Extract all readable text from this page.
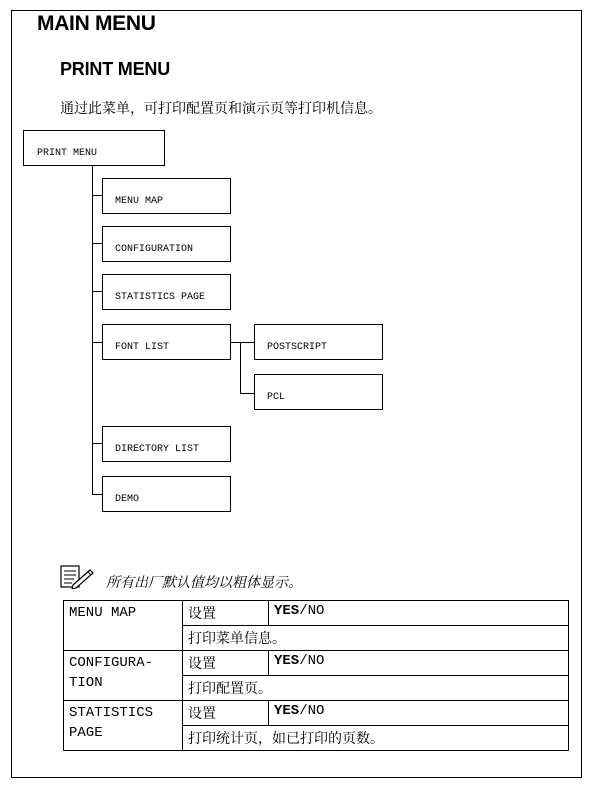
MAIN MENU
PRINT MENU
通过此菜单，可打印配置页和演示页等打印机信息。
PRINT MENU
MENU MAP
CONFIGURATION
STATISTICS PAGE
FONT LIST	POSTSCRIPT
PCL
DIRECTORY LIST
DEMO
所有出厂默认值均以粗体显示。
MENU MAP	设置	YES/NO
	打印菜单信息。	
CONFIGURA-
TION	设置	YES/NO
	打印配置页。	
STATISTICS
PAGE	设置	YES/NO
	打印统计页，如已打印的页数。	
